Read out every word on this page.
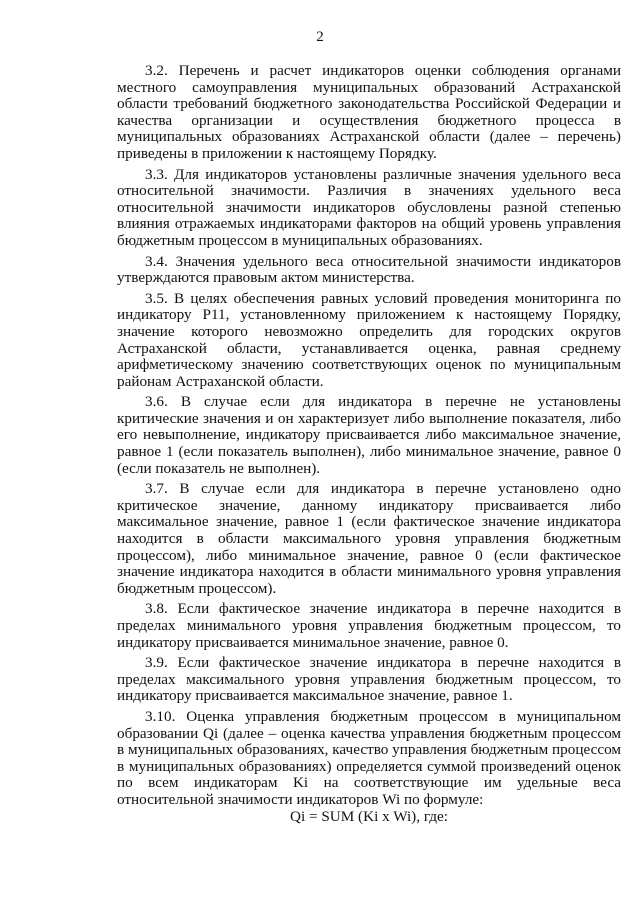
2

3.2. Перечень и расчет индикаторов оценки соблюдения органами местного самоуправления муниципальных образований Астраханской области требований бюджетного законодательства Российской Федерации и качества организации и осуществления бюджетного процесса в муниципальных образованиях Астраханской области (далее – перечень) приведены в приложении к настоящему Порядку.

3.3. Для индикаторов установлены различные значения удельного веса относительной значимости. Различия в значениях удельного веса относительной значимости индикаторов обусловлены разной степенью влияния отражаемых индикаторами факторов на общий уровень управления бюджетным процессом в муниципальных образованиях.

3.4. Значения удельного веса относительной значимости индикаторов утверждаются правовым актом министерства.

3.5. В целях обеспечения равных условий проведения мониторинга по индикатору P11, установленному приложением к настоящему Порядку, значение которого невозможно определить для городских округов Астраханской области, устанавливается оценка, равная среднему арифметическому значению соответствующих оценок по муниципальным районам Астраханской области.

3.6. В случае если для индикатора в перечне не установлены критические значения и он характеризует либо выполнение показателя, либо его невыполнение, индикатору присваивается либо максимальное значение, равное 1 (если показатель выполнен), либо минимальное значение, равное 0 (если показатель не выполнен).

3.7. В случае если для индикатора в перечне установлено одно критическое значение, данному индикатору присваивается либо максимальное значение, равное 1 (если фактическое значение индикатора находится в области максимального уровня управления бюджетным процессом), либо минимальное значение, равное 0 (если фактическое значение индикатора находится в области минимального уровня управления бюджетным процессом).

3.8. Если фактическое значение индикатора в перечне находится в пределах минимального уровня управления бюджетным процессом, то индикатору присваивается минимальное значение, равное 0.

3.9. Если фактическое значение индикатора в перечне находится в пределах максимального уровня управления бюджетным процессом, то индикатору присваивается максимальное значение, равное 1.

3.10. Оценка управления бюджетным процессом в муниципальном образовании Qi (далее – оценка качества управления бюджетным процессом в муниципальных образованиях, качество управления бюджетным процессом в муниципальных образованиях) определяется суммой произведений оценок по всем индикаторам Ki на соответствующие им удельные веса относительной значимости индикаторов Wi по формуле:

Qi = SUM (Ki x Wi), где:
